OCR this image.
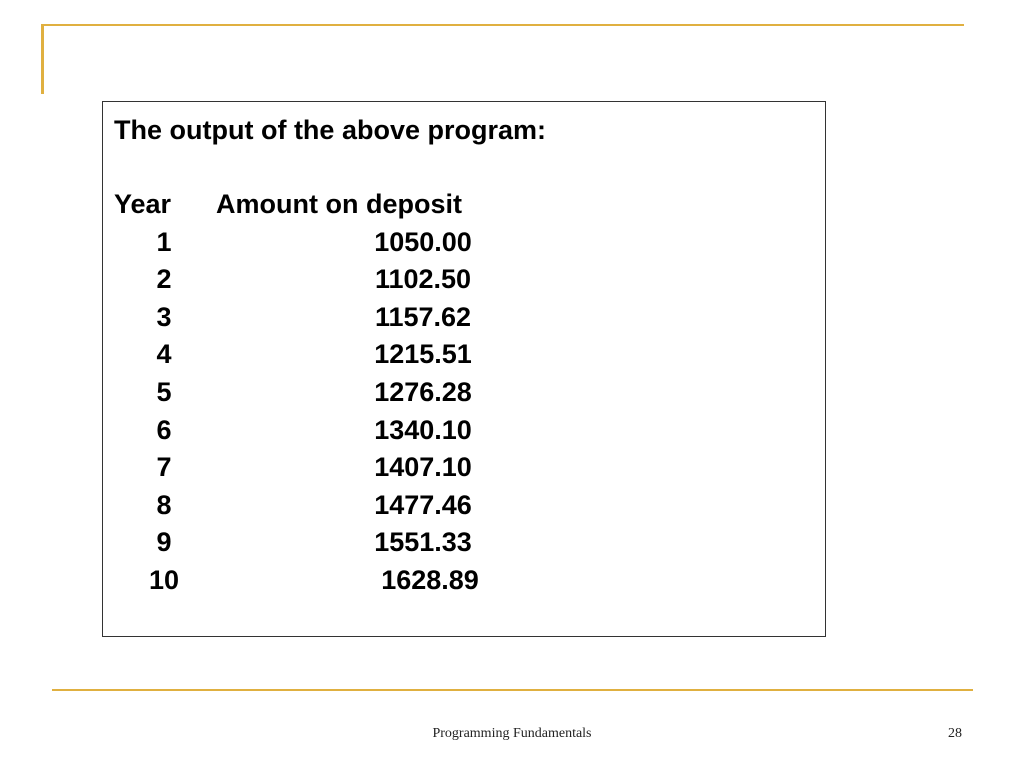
The output of the above program:
Year Amount on deposit
1	1050.00
2	1102.50
3	1157.62
4	1215.51
5	1276.28
6	1340.10
7	1407.10
8	1477.46
9	1551.33
10	1628.89
Programming Fundamentals	28
